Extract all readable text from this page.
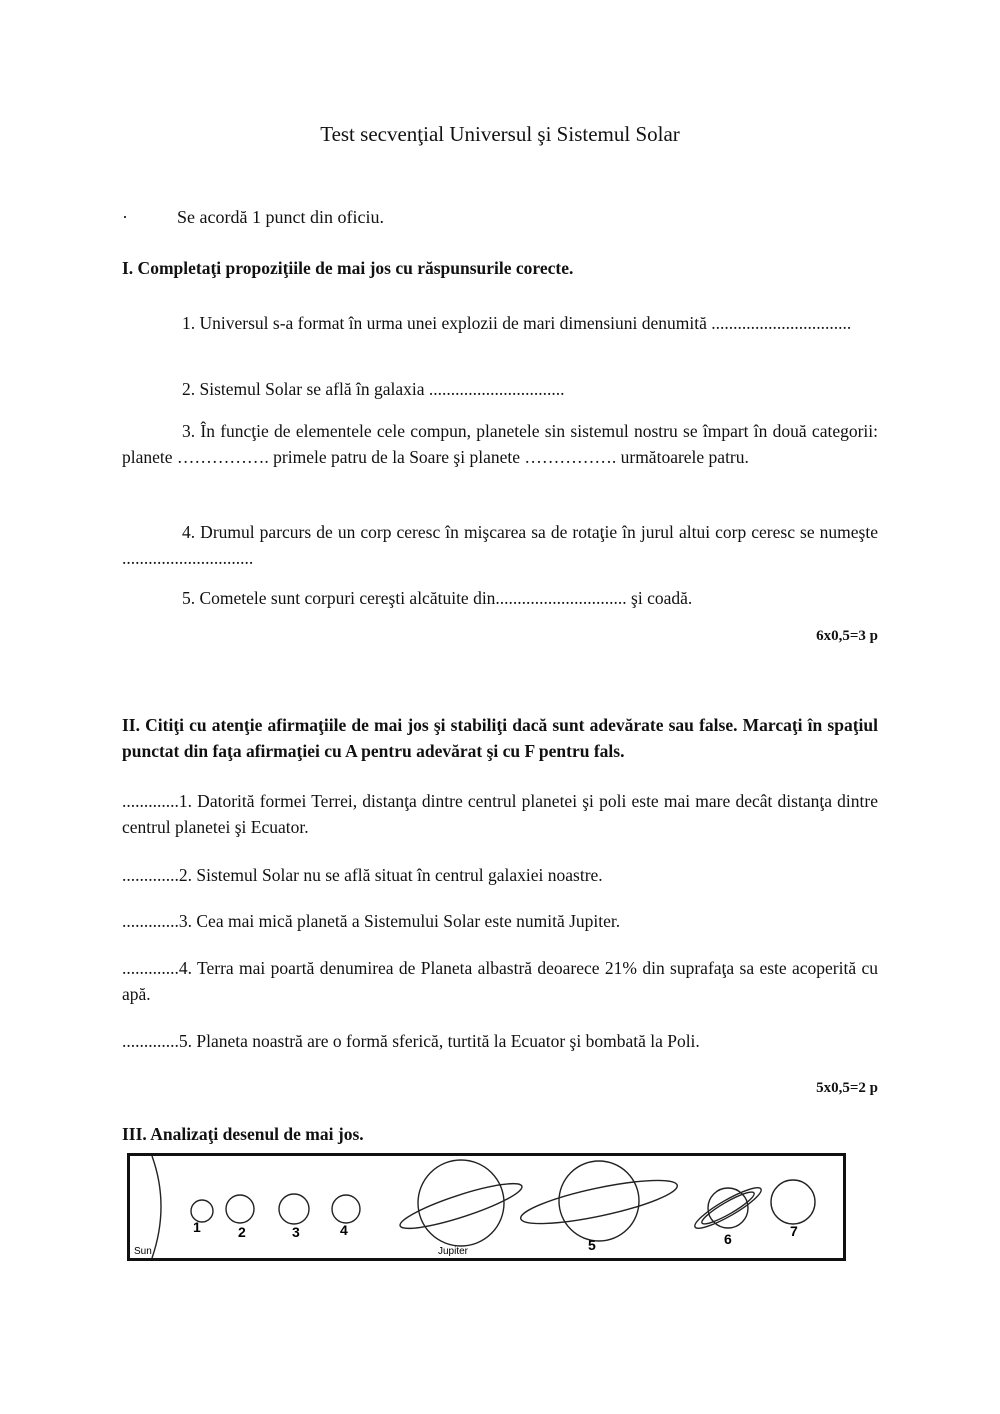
Test secvenţial Universul şi Sistemul Solar
·	Se acordă 1 punct din oficiu.
I. Completaţi propoziţiile de mai jos cu răspunsurile corecte.
1. Universul s-a format în urma unei explozii de mari dimensiuni denumită ................................
2. Sistemul Solar se află în galaxia ...............................
3. În funcţie de elementele cele compun, planetele sin sistemul nostru se împart în două categorii: planete ……………. primele patru de la Soare şi planete ……………. următoarele patru.
4. Drumul parcurs de un corp ceresc în mişcarea sa de rotaţie în jurul altui corp ceresc se numeşte ..............................
5. Cometele sunt corpuri cereşti alcătuite din.............................. şi coadă.
6x0,5=3 p
II. Citiţi cu atenţie afirmaţiile de mai jos şi stabiliţi dacă sunt adevărate sau false. Marcaţi în spaţiul punctat din faţa afirmaţiei cu A pentru adevărat şi cu F pentru fals.
.............1. Datorită formei Terrei, distanţa dintre centrul planetei şi poli este mai mare decât distanţa dintre centrul planetei şi Ecuator.
.............2. Sistemul Solar nu se află situat în centrul galaxiei noastre.
.............3. Cea mai mică planetă a Sistemului Solar este numită Jupiter.
.............4. Terra mai poartă denumirea de Planeta albastră deoarece 21% din suprafaţa sa este acoperită cu apă.
.............5. Planeta noastră are o formă sferică, turtită la Ecuator şi bombată la Poli.
5x0,5=2 p
III. Analizaţi desenul de mai jos.
Sun	Jupiter
1	2	3	4
5	6	7
